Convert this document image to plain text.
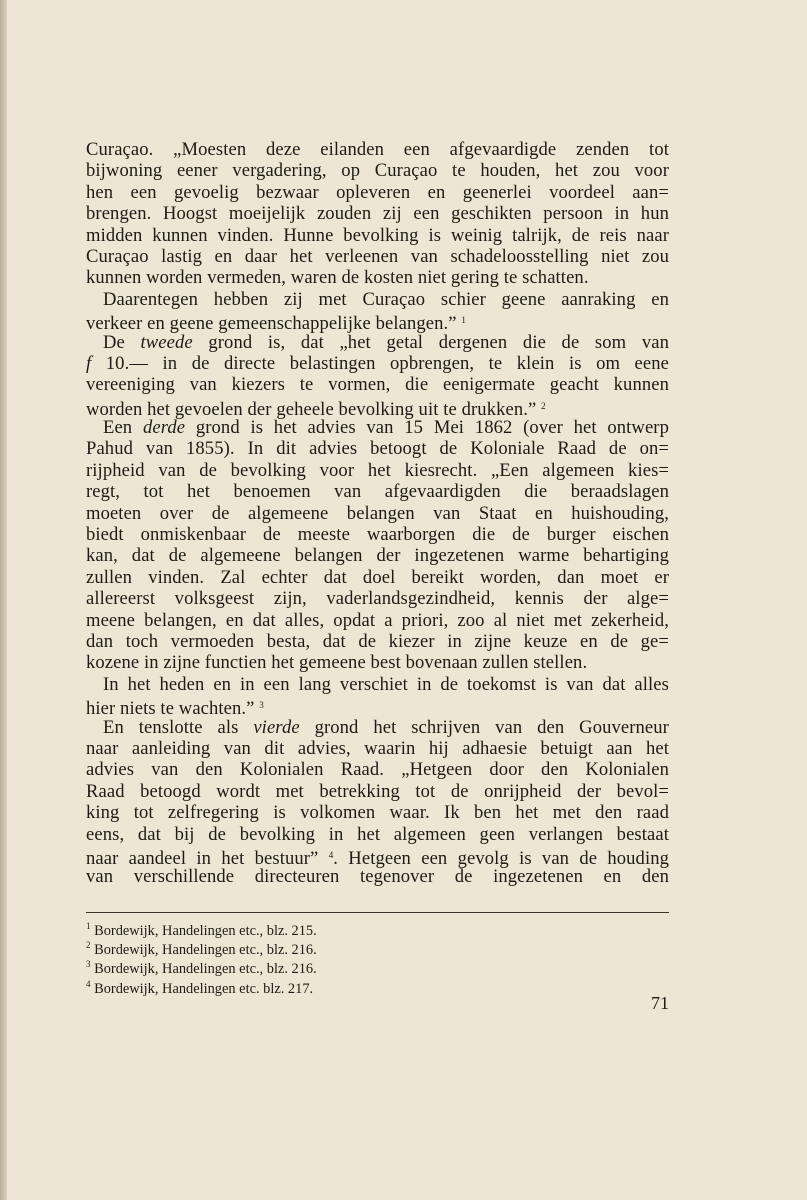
Curaçao. „Moesten deze eilanden een afgevaardigde zenden tot
bijwoning eener vergadering, op Curaçao te houden, het zou voor
hen een gevoelig bezwaar opleveren en geenerlei voordeel aan=
brengen. Hoogst moeijelijk zouden zij een geschikten persoon in hun
midden kunnen vinden. Hunne bevolking is weinig talrijk, de reis naar
Curaçao lastig en daar het verleenen van schadeloosstelling niet zou
kunnen worden vermeden, waren de kosten niet gering te schatten.
Daarentegen hebben zij met Curaçao schier geene aanraking en
verkeer en geene gemeenschappelijke belangen.” $^1$
De tweede grond is, dat „het getal dergenen die de som van
f 10.— in de directe belastingen opbrengen, te klein is om eene
vereeniging van kiezers te vormen, die eenigermate geacht kunnen
worden het gevoelen der geheele bevolking uit te drukken.” $^2$
Een derde grond is het advies van 15 Mei 1862 (over het ontwerp
Pahud van 1855). In dit advies betoogt de Koloniale Raad de on=
rijpheid van de bevolking voor het kiesrecht. „Een algemeen kies=
regt, tot het benoemen van afgevaardigden die beraadslagen
moeten over de algemeene belangen van Staat en huishouding,
biedt onmiskenbaar de meeste waarborgen die de burger eischen
kan, dat de algemeene belangen der ingezetenen warme behartiging
zullen vinden. Zal echter dat doel bereikt worden, dan moet er
allereerst volksgeest zijn, vaderlandsgezindheid, kennis der alge=
meene belangen, en dat alles, opdat a priori, zoo al niet met zekerheid,
dan toch vermoeden besta, dat de kiezer in zijne keuze en de ge=
kozene in zijne functien het gemeene best bovenaan zullen stellen.
In het heden en in een lang verschiet in de toekomst is van dat alles
hier niets te wachten.” $^3$
En tenslotte als vierde grond het schrijven van den Gouverneur
naar aanleiding van dit advies, waarin hij adhaesie betuigt aan het
advies van den Kolonialen Raad. „Hetgeen door den Kolonialen
Raad betoogd wordt met betrekking tot de onrijpheid der bevol=
king tot zelfregering is volkomen waar. Ik ben het met den raad
eens, dat bij de bevolking in het algemeen geen verlangen bestaat
naar aandeel in het bestuur” $^4$. Hetgeen een gevolg is van de houding
van verschillende directeuren tegenover de ingezetenen en den
$^1$ Bordewijk, Handelingen etc., blz. 215.
$^2$ Bordewijk, Handelingen etc., blz. 216.
$^3$ Bordewijk, Handelingen etc., blz. 216.
$^4$ Bordewijk, Handelingen etc. blz. 217.
71
